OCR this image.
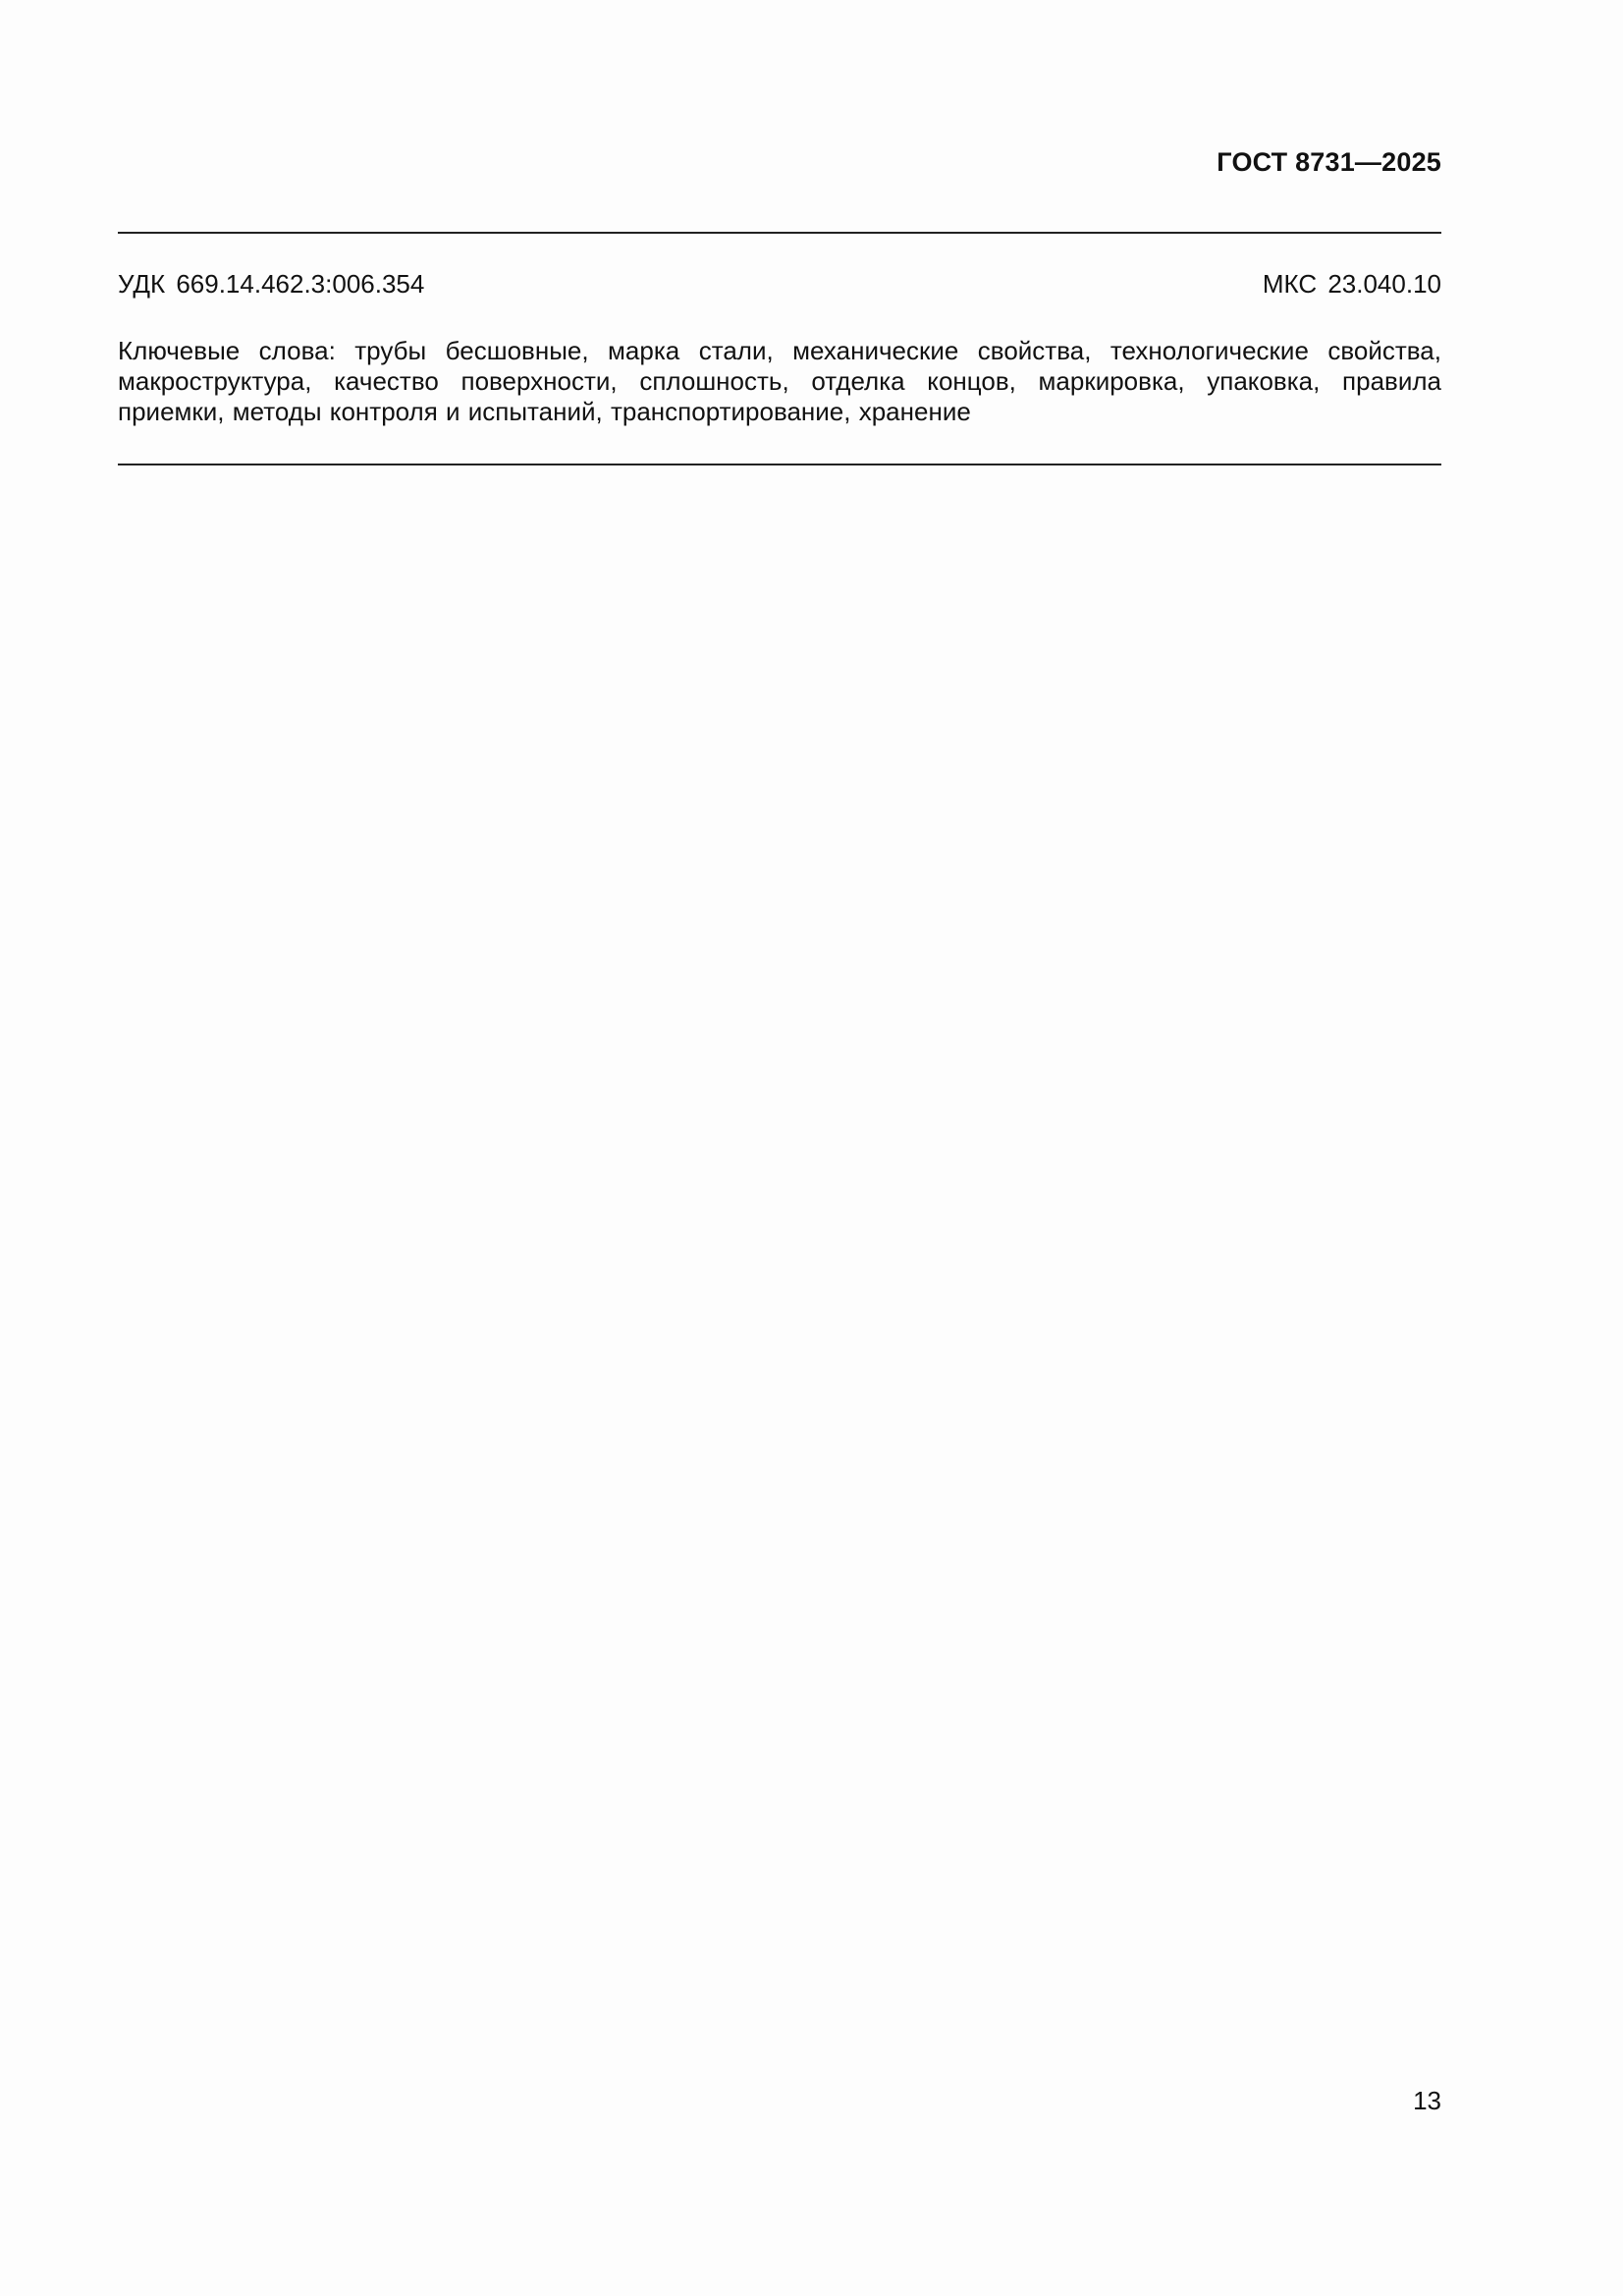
ГОСТ 8731—2025
УДК 669.14.462.3:006.354	МКС 23.040.10
Ключевые слова: трубы бесшовные, марка стали, механические свойства, технологические свойства,
макроструктура, качество поверхности, сплошность, отделка концов, маркировка, упаковка, правила
приемки, методы контроля и испытаний, транспортирование, хранение
13
